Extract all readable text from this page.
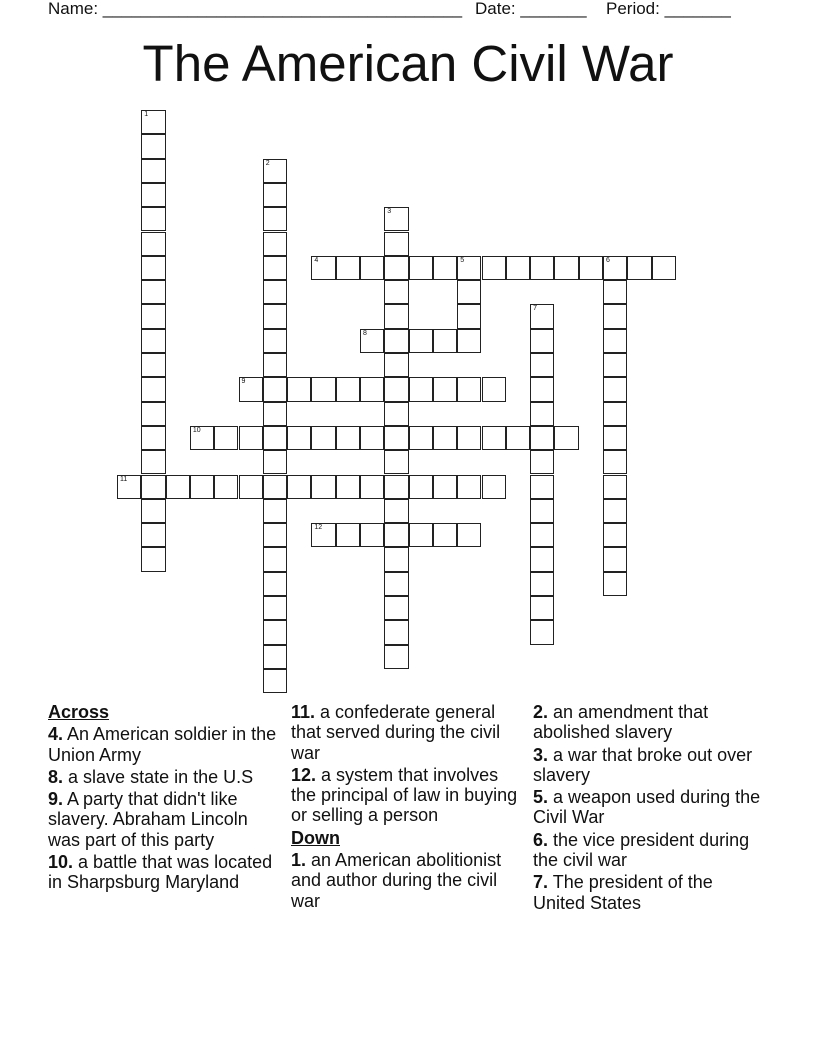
Name: ______________________________________

Date: _______

Period: _______

The American Civil War
1
2
3
4	5	6
7
8
9
10
11
12
Across
4. An American soldier in the Union Army
8. a slave state in the U.S
9. A party that didn't like slavery. Abraham Lincoln was part of this party
10. a battle that was located in Sharpsburg Maryland
11. a confederate general that served during the civil war
12. a system that involves the principal of law in buying or selling a person
Down
1. an American abolitionist and author during the civil war
2. an amendment that abolished slavery
3. a war that broke out over slavery
5. a weapon used during the Civil War
6. the vice president during the civil war
7. The president of the United States
